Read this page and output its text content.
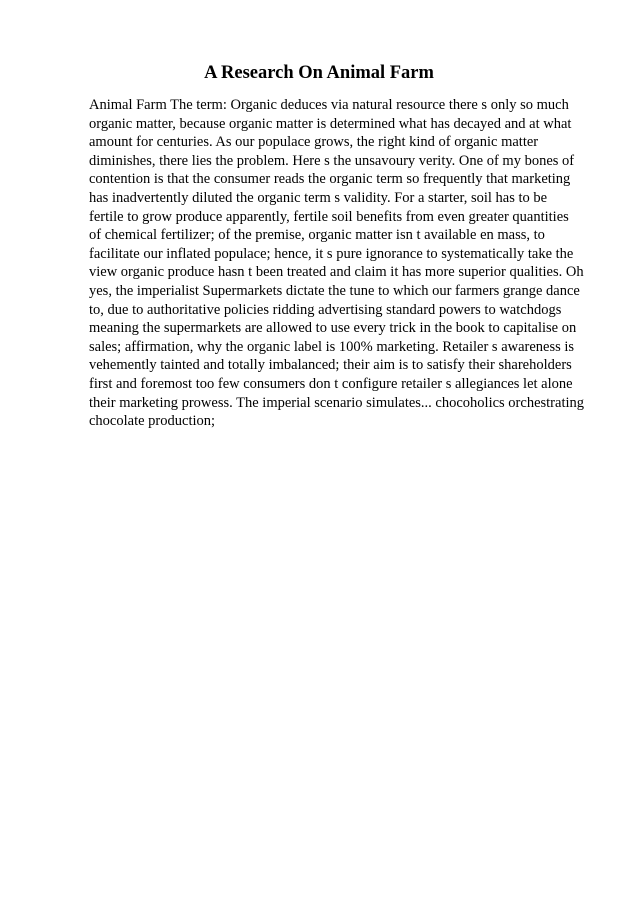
A Research On Animal Farm
Animal Farm The term: Organic deduces via natural resource there s only so much
organic matter, because organic matter is determined what has decayed and at what
amount for centuries. As our populace grows, the right kind of organic matter
diminishes, there lies the problem. Here s the unsavoury verity. One of my bones of
contention is that the consumer reads the organic term so frequently that marketing
has inadvertently diluted the organic term s validity. For a starter, soil has to be
fertile to grow produce apparently, fertile soil benefits from even greater quantities
of chemical fertilizer; of the premise, organic matter isn t available en mass, to
facilitate our inflated populace; hence, it s pure ignorance to systematically take the
view organic produce hasn t been treated and claim it has more superior qualities. Oh
yes, the imperialist Supermarkets dictate the tune to which our farmers grange dance
to, due to authoritative policies ridding advertising standard powers to watchdogs
meaning the supermarkets are allowed to use every trick in the book to capitalise on
sales; affirmation, why the organic label is 100% marketing. Retailer s awareness is
vehemently tainted and totally imbalanced; their aim is to satisfy their shareholders
first and foremost too few consumers don t configure retailer s allegiances let alone
their marketing prowess. The imperial scenario simulates... chocoholics orchestrating
chocolate production;
